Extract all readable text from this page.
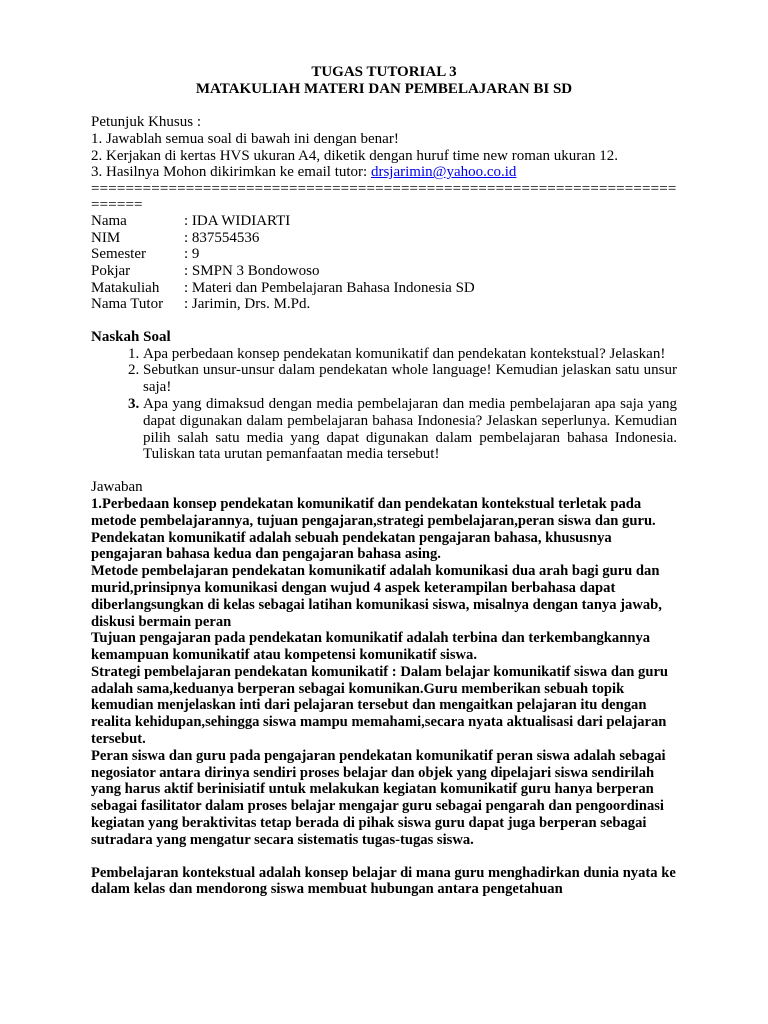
TUGAS TUTORIAL 3
MATAKULIAH MATERI DAN PEMBELAJARAN BI SD
Petunjuk Khusus :
1. Jawablah semua soal di bawah ini dengan benar!
2. Kerjakan di kertas HVS ukuran A4, diketik dengan huruf time new roman ukuran 12.
3. Hasilnya Mohon dikirimkan ke email tutor: drsjarimin@yahoo.co.id
==========================================================================
Nama	: IDA WIDIARTI
NIM	: 837554536
Semester	: 9
Pokjar	: SMPN 3 Bondowoso
Matakuliah	: Materi dan Pembelajaran Bahasa Indonesia SD
Nama Tutor	: Jarimin, Drs. M.Pd.
Naskah Soal
1. Apa perbedaan konsep pendekatan komunikatif dan pendekatan kontekstual? Jelaskan!
2. Sebutkan unsur-unsur dalam pendekatan whole language! Kemudian jelaskan satu unsur saja!
3. Apa yang dimaksud dengan media pembelajaran dan media pembelajaran apa saja yang dapat digunakan dalam pembelajaran bahasa Indonesia? Jelaskan seperlunya. Kemudian pilih salah satu media yang dapat digunakan dalam pembelajaran bahasa Indonesia. Tuliskan tata urutan pemanfaatan media tersebut!
Jawaban

1.Perbedaan konsep pendekatan komunikatif dan pendekatan kontekstual terletak pada metode pembelajarannya, tujuan pengajaran,strategi pembelajaran,peran siswa dan guru.

Pendekatan komunikatif adalah sebuah pendekatan pengajaran bahasa, khususnya pengajaran bahasa kedua dan pengajaran bahasa asing.

Metode pembelajaran pendekatan komunikatif adalah komunikasi dua arah bagi guru dan murid,prinsipnya komunikasi dengan wujud 4 aspek keterampilan berbahasa dapat diberlangsungkan di kelas sebagai latihan komunikasi siswa, misalnya dengan tanya jawab, diskusi bermain peran

Tujuan pengajaran pada pendekatan komunikatif adalah terbina dan terkembangkannya kemampuan komunikatif atau kompetensi komunikatif siswa.

Strategi pembelajaran pendekatan komunikatif : Dalam belajar komunikatif siswa dan guru adalah sama,keduanya berperan sebagai komunikan.Guru memberikan sebuah topik kemudian menjelaskan inti dari pelajaran tersebut dan mengaitkan pelajaran itu dengan realita kehidupan,sehingga siswa mampu memahami,secara nyata aktualisasi dari pelajaran tersebut.

Peran siswa dan guru pada pengajaran pendekatan komunikatif peran siswa adalah sebagai negosiator antara dirinya sendiri proses belajar dan objek yang dipelajari siswa sendirilah yang harus aktif berinisiatif untuk melakukan kegiatan komunikatif guru hanya berperan sebagai fasilitator dalam proses belajar mengajar guru sebagai pengarah dan pengoordinasi kegiatan yang beraktivitas tetap berada di pihak siswa guru dapat juga berperan sebagai sutradara yang mengatur secara sistematis tugas-tugas siswa.

Pembelajaran kontekstual adalah konsep belajar di mana guru menghadirkan dunia nyata ke dalam kelas dan mendorong siswa membuat hubungan antara pengetahuan
